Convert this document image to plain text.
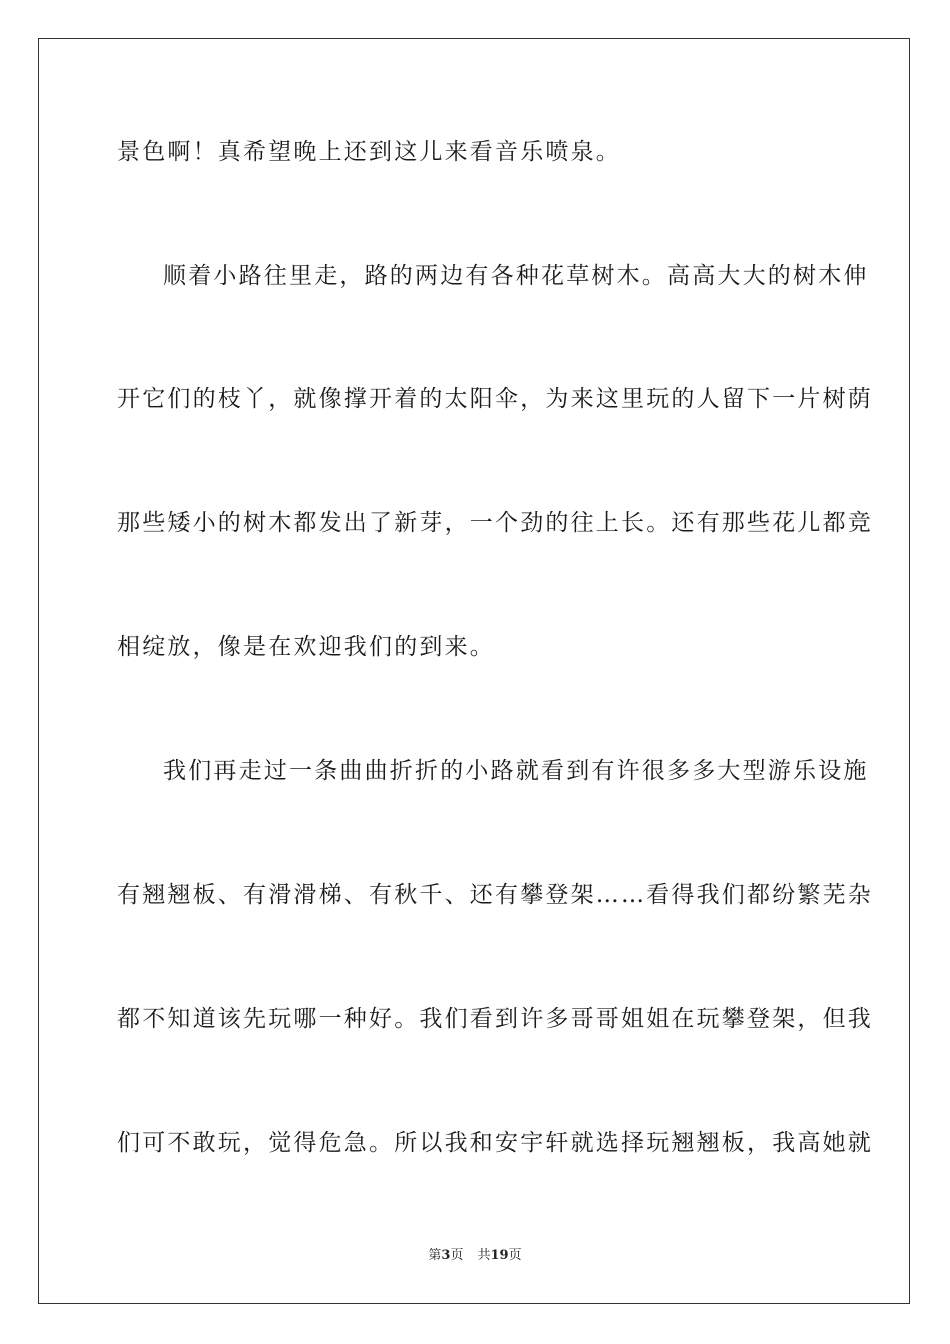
景色啊！真希望晚上还到这儿来看音乐喷泉。
顺着小路往里走，路的两边有各种花草树木。高高大大的树木伸
开它们的枝丫，就像撑开着的太阳伞，为来这里玩的人留下一片树荫
那些矮小的树木都发出了新芽，一个劲的往上长。还有那些花儿都竞
相绽放，像是在欢迎我们的到来。
我们再走过一条曲曲折折的小路就看到有许很多多大型游乐设施
有翘翘板、有滑滑梯、有秋千、还有攀登架……看得我们都纷繁芜杂
都不知道该先玩哪一种好。我们看到许多哥哥姐姐在玩攀登架，但我
们可不敢玩，觉得危急。所以我和安宇轩就选择玩翘翘板，我高她就
第3页 共19页
